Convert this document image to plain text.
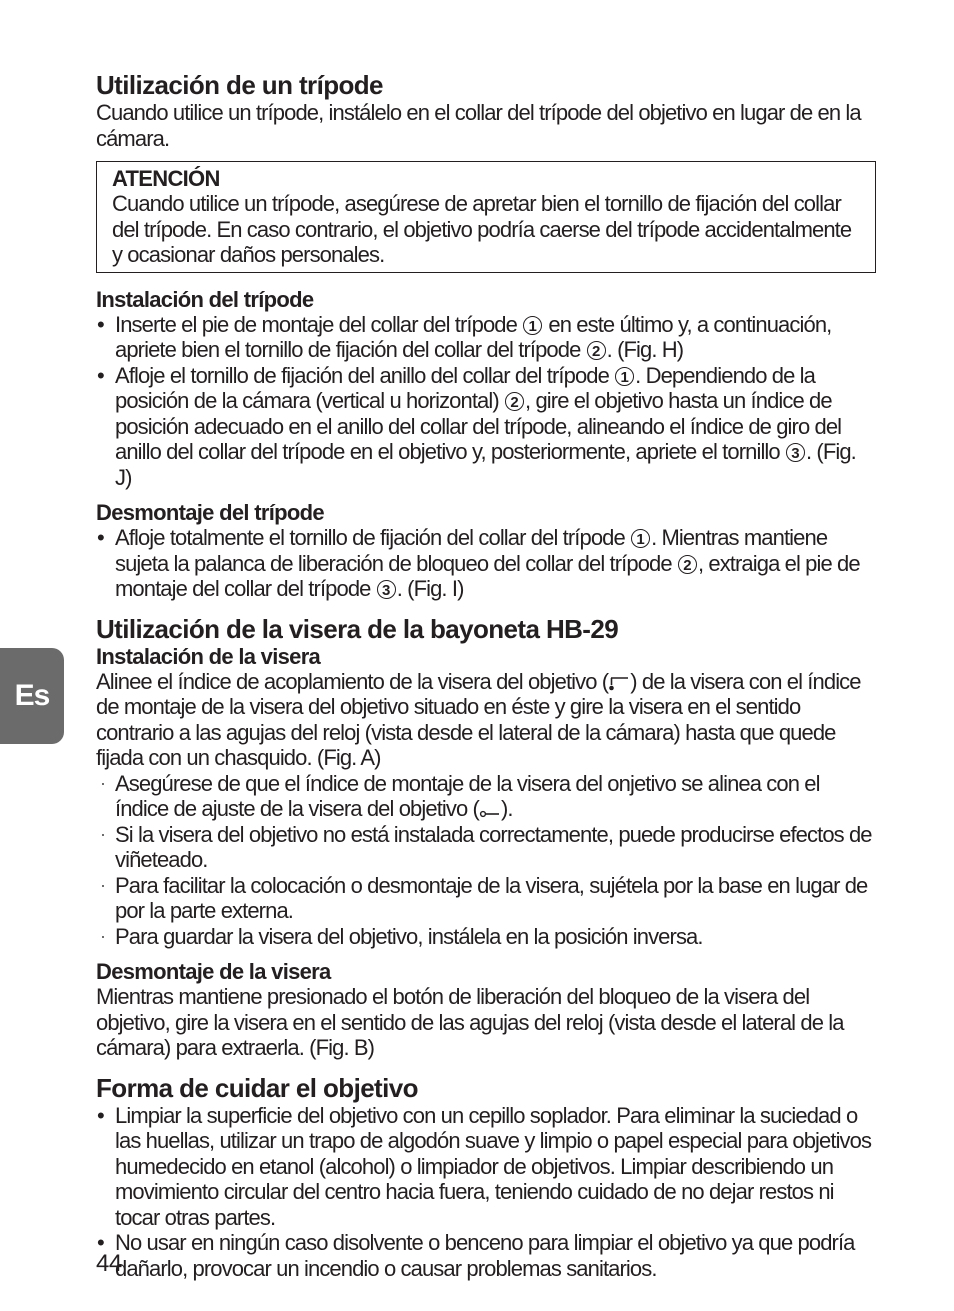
Es
Utilización de un trípode

Cuando utilice un trípode, instálelo en el collar del trípode del objetivo en lugar de en la cámara.

ATENCIÓN

Cuando utilice un trípode, asegúrese de apretar bien el tornillo de fijación del collar del trípode. En caso contrario, el objetivo podría caerse del trípode accidentalmente y ocasionar daños personales.

Instalación del trípode
• Inserte el pie de montaje del collar del trípode 1 en este último y, a continuación, apriete bien el tornillo de fijación del collar del trípode 2 . (Fig. H)
• Afloje el tornillo de fijación del anillo del collar del trípode 1 . Dependiendo de la posición de la cámara (vertical u horizontal) 2 , gire el objetivo hasta un índice de posición adecuado en el anillo del collar del trípode, alineando el índice de giro del anillo del collar del trípode en el objetivo y, posteriormente, apriete el tornillo 3 . (Fig. J)
Desmontaje del trípode
• Afloje totalmente el tornillo de fijación del collar del trípode 1 . Mientras mantiene sujeta la palanca de liberación de bloqueo del collar del trípode 2 , extraiga el pie de montaje del collar del trípode 3 . (Fig. I)
Utilización de la visera de la bayoneta HB-29
Instalación de la visera

Alinee el índice de acoplamiento de la visera del objetivo ( ) de la visera con el índice de montaje de la visera del objetivo situado en éste y gire la visera en el sentido contrario a las agujas del reloj (vista desde el lateral de la cámara) hasta que quede fijada con un chasquido. (Fig. A)

· Asegúrese de que el índice de montaje de la visera del onjetivo se alinea con el índice de ajuste de la visera del objetivo ( ).
· Si la visera del objetivo no está instalada correctamente, puede producirse efectos de viñeteado.
· Para facilitar la colocación o desmontaje de la visera, sujétela por la base en lugar de por la parte externa.
· Para guardar la visera del objetivo, instálela en la posición inversa.
Desmontaje de la visera

Mientras mantiene presionado el botón de liberación del bloqueo de la visera del objetivo, gire la visera en el sentido de las agujas del reloj (vista desde el lateral de la cámara) para extraerla. (Fig. B)

Forma de cuidar el objetivo
• Limpiar la superficie del objetivo con un cepillo soplador. Para eliminar la suciedad o las huellas, utilizar un trapo de algodón suave y limpio o papel especial para objetivos humedecido en etanol (alcohol) o limpiador de objetivos. Limpiar describiendo un movimiento circular del centro hacia fuera, teniendo cuidado de no dejar restos ni tocar otras partes.
• No usar en ningún caso disolvente o benceno para limpiar el objetivo ya que podría dañarlo, provocar un incendio o causar problemas sanitarios.
44
